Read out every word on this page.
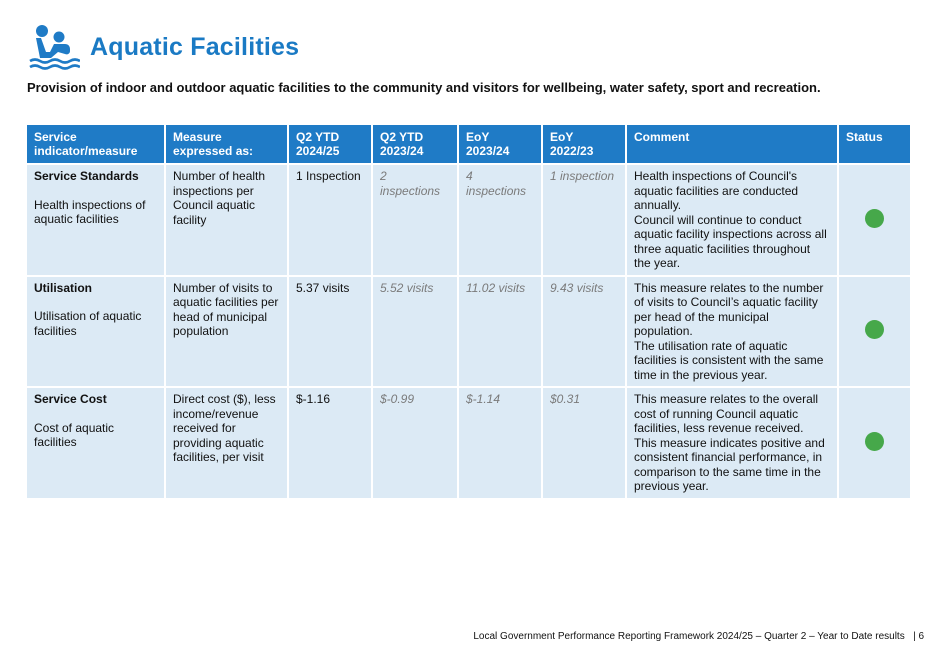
Aquatic Facilities
Provision of indoor and outdoor aquatic facilities to the community and visitors for wellbeing, water safety, sport and recreation.
Service indicator/measure	Measure expressed as:	Q2 YTD 2024/25	Q2 YTD 2023/24	EoY 2023/24	EoY 2022/23	Comment	Status

Service Standards
Health inspections of aquatic facilities	Number of health inspections per Council aquatic facility	1 Inspection	2 inspections	4 inspections	1 inspection	Health inspections of Council's aquatic facilities are conducted annually.
Council will continue to conduct aquatic facility inspections across all three aquatic facilities throughout the year.	

Utilisation
Utilisation of aquatic facilities	Number of visits to aquatic facilities per head of municipal population	5.37 visits	5.52 visits	11.02 visits	9.43 visits	This measure relates to the number of visits to Council’s aquatic facility per head of the municipal population.
The utilisation rate of aquatic facilities is consistent with the same time in the previous year.	

Service Cost
Cost of aquatic facilities	Direct cost ($), less income/revenue received for providing aquatic facilities, per visit	$-1.16	$-0.99	$-1.14	$0.31	This measure relates to the overall cost of running Council aquatic facilities, less revenue received.
This measure indicates positive and consistent financial performance, in comparison to the same time in the previous year.	
Local Government Performance Reporting Framework 2024/25 – Quarter 2 – Year to Date results | 6
